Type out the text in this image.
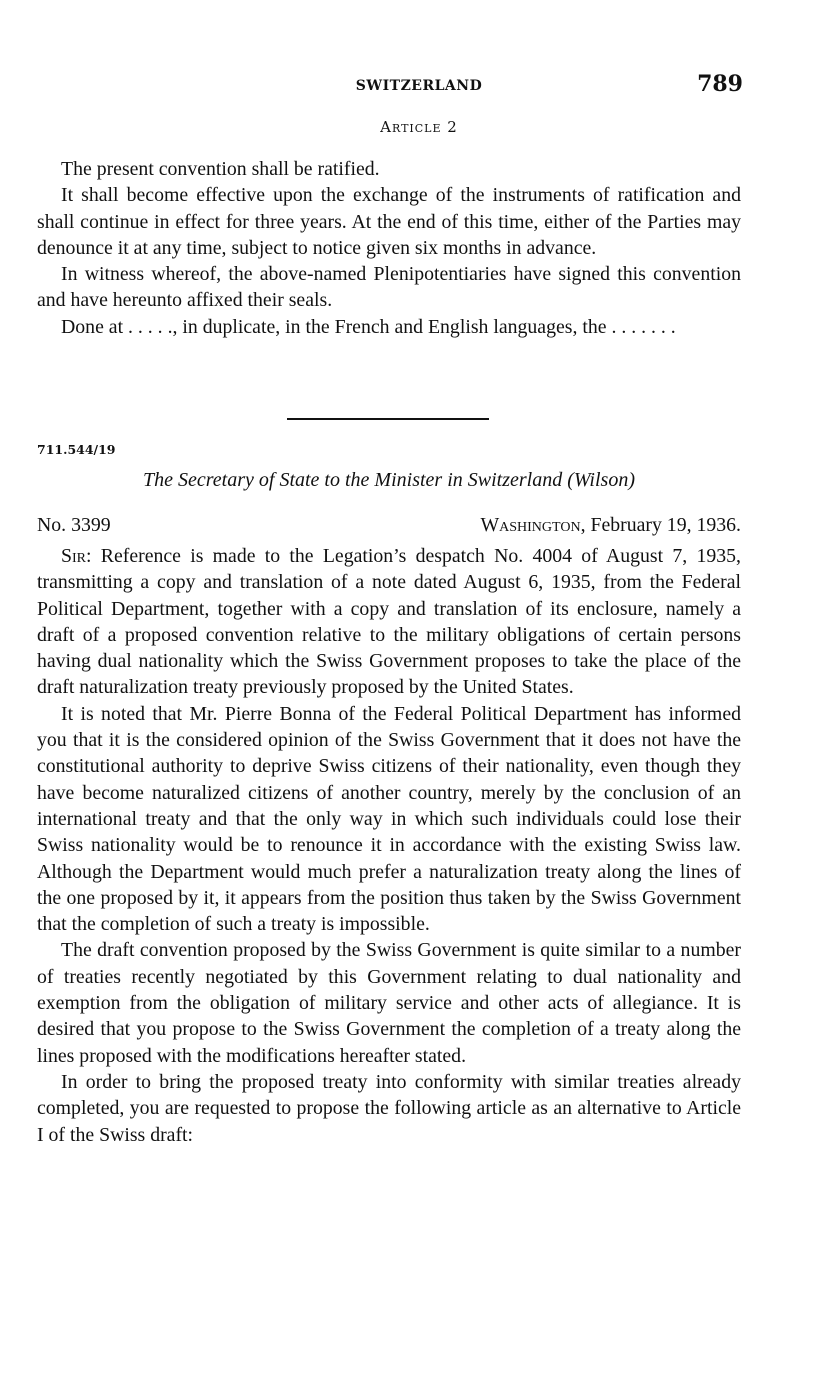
SWITZERLAND	789
Article 2

The present convention shall be ratified.

It shall become effective upon the exchange of the instruments of ratification and shall continue in effect for three years. At the end of this time, either of the Parties may denounce it at any time, subject to notice given six months in advance.

In witness whereof, the above-named Plenipotentiaries have signed this convention and have hereunto affixed their seals.

Done at . . . . ., in duplicate, in the French and English languages, the . . . . . . .

711.544/19
The Secretary of State to the Minister in Switzerland (Wilson)
No. 3399	Washington, February 19, 1936.

Sir: Reference is made to the Legation’s despatch No. 4004 of August 7, 1935, transmitting a copy and translation of a note dated August 6, 1935, from the Federal Political Department, together with a copy and translation of its enclosure, namely a draft of a proposed convention relative to the military obligations of certain persons having dual nationality which the Swiss Government proposes to take the place of the draft naturalization treaty previously proposed by the United States.

It is noted that Mr. Pierre Bonna of the Federal Political Department has informed you that it is the considered opinion of the Swiss Government that it does not have the constitutional authority to deprive Swiss citizens of their nationality, even though they have become naturalized citizens of another country, merely by the conclusion of an international treaty and that the only way in which such individuals could lose their Swiss nationality would be to renounce it in accordance with the existing Swiss law. Although the Department would much prefer a naturalization treaty along the lines of the one proposed by it, it appears from the position thus taken by the Swiss Government that the completion of such a treaty is impossible.

The draft convention proposed by the Swiss Government is quite similar to a number of treaties recently negotiated by this Government relating to dual nationality and exemption from the obligation of military service and other acts of allegiance. It is desired that you propose to the Swiss Government the completion of a treaty along the lines proposed with the modifications hereafter stated.

In order to bring the proposed treaty into conformity with similar treaties already completed, you are requested to propose the following article as an alternative to Article I of the Swiss draft:
